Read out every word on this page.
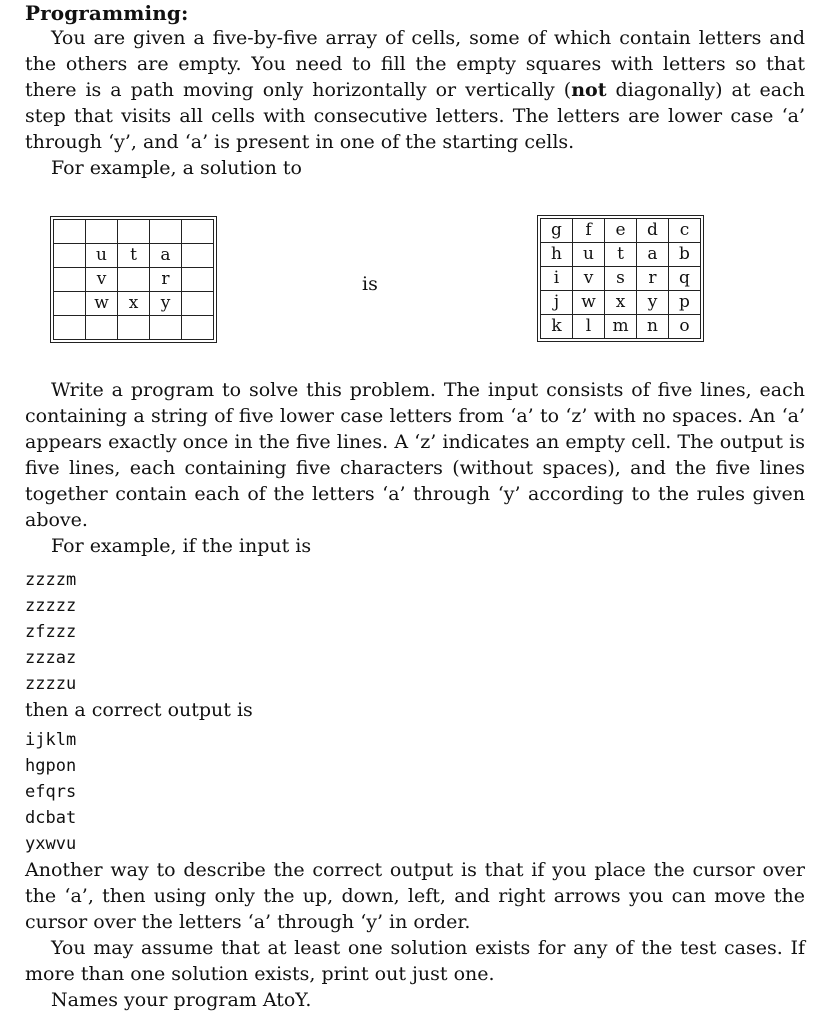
Programming:

You are given a five-by-five array of cells, some of which contain letters and the others are empty. You need to fill the empty squares with letters so that there is a path moving only horizontally or vertically (not diagonally) at each step that visits all cells with consecutive letters. The letters are lower case ‘a’ through ‘y’, and ‘a’ is present in one of the starting cells.

For example, a solution to

	u	t	a	
	v		r	
	w	x	y	

is
g	f	e	d	c
h	u	t	a	b
i	v	s	r	q
j	w	x	y	p
k	l	m	n	o

Write a program to solve this problem. The input consists of five lines, each containing a string of five lower case letters from ‘a’ to ‘z’ with no spaces. An ‘a’ appears exactly once in the five lines. A ‘z’ indicates an empty cell. The output is five lines, each containing five characters (without spaces), and the five lines together contain each of the letters ‘a’ through ‘y’ according to the rules given above.

For example, if the input is

zzzzm
zzzzz
zfzzz
zzzaz
zzzzu

then a correct output is

ijklm
hgpon
efqrs
dcbat
yxwvu

Another way to describe the correct output is that if you place the cursor over the ‘a’, then using only the up, down, left, and right arrows you can move the cursor over the letters ‘a’ through ‘y’ in order.

You may assume that at least one solution exists for any of the test cases. If more than one solution exists, print out just one.

Names your program AtoY.
